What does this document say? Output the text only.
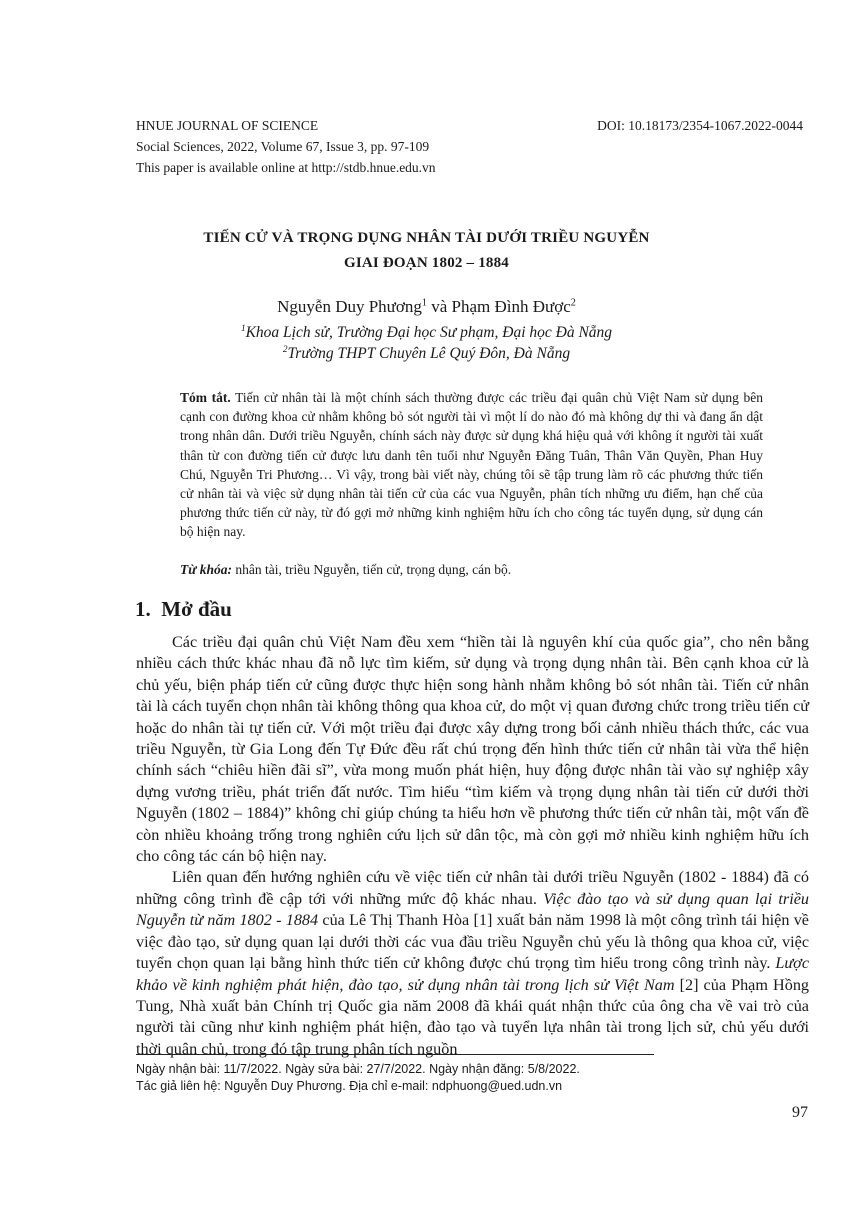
HNUE JOURNAL OF SCIENCE	DOI: 10.18173/2354-1067.2022-0044
Social Sciences, 2022, Volume 67, Issue 3, pp. 97-109
This paper is available online at http://stdb.hnue.edu.vn
TIẾN CỬ VÀ TRỌNG DỤNG NHÂN TÀI DƯỚI TRIỀU NGUYỄN
GIAI ĐOẠN 1802 – 1884
Nguyễn Duy Phương$^1$ và Phạm Đình Được$^2$
$^1$Khoa Lịch sử, Trường Đại học Sư phạm, Đại học Đà Nẵng
$^2$Trường THPT Chuyên Lê Quý Đôn, Đà Nẵng
Tóm tắt. Tiến cử nhân tài là một chính sách thường được các triều đại quân chủ Việt Nam sử dụng bên cạnh con đường khoa cử nhằm không bỏ sót người tài vì một lí do nào đó mà không dự thi và đang ẩn dật trong nhân dân. Dưới triều Nguyễn, chính sách này được sử dụng khá hiệu quả với không ít người tài xuất thân từ con đường tiến cử được lưu danh tên tuổi như Nguyễn Đăng Tuân, Thân Văn Quyền, Phan Huy Chú, Nguyễn Tri Phương… Vì vậy, trong bài viết này, chúng tôi sẽ tập trung làm rõ các phương thức tiến cử nhân tài và việc sử dụng nhân tài tiến cử của các vua Nguyễn, phân tích những ưu điểm, hạn chế của phương thức tiến cử này, từ đó gợi mở những kinh nghiệm hữu ích cho công tác tuyển dụng, sử dụng cán bộ hiện nay.
Từ khóa: nhân tài, triều Nguyễn, tiến cử, trọng dụng, cán bộ.
1. Mở đầu

Các triều đại quân chủ Việt Nam đều xem “hiền tài là nguyên khí của quốc gia”, cho nên bằng nhiều cách thức khác nhau đã nỗ lực tìm kiếm, sử dụng và trọng dụng nhân tài. Bên cạnh khoa cử là chủ yếu, biện pháp tiến cử cũng được thực hiện song hành nhằm không bỏ sót nhân tài. Tiến cử nhân tài là cách tuyển chọn nhân tài không thông qua khoa cử, do một vị quan đương chức trong triều tiến cử hoặc do nhân tài tự tiến cử. Với một triều đại được xây dựng trong bối cảnh nhiều thách thức, các vua triều Nguyễn, từ Gia Long đến Tự Đức đều rất chú trọng đến hình thức tiến cử nhân tài vừa thể hiện chính sách “chiêu hiền đãi sĩ”, vừa mong muốn phát hiện, huy động được nhân tài vào sự nghiệp xây dựng vương triều, phát triển đất nước. Tìm hiểu “tìm kiếm và trọng dụng nhân tài tiến cử dưới thời Nguyễn (1802 – 1884)” không chỉ giúp chúng ta hiểu hơn về phương thức tiến cử nhân tài, một vấn đề còn nhiều khoảng trống trong nghiên cứu lịch sử dân tộc, mà còn gợi mở nhiều kinh nghiệm hữu ích cho công tác cán bộ hiện nay.

Liên quan đến hướng nghiên cứu về việc tiến cử nhân tài dưới triều Nguyễn (1802 - 1884) đã có những công trình đề cập tới với những mức độ khác nhau. Việc đào tạo và sử dụng quan lại triều Nguyễn từ năm 1802 - 1884 của Lê Thị Thanh Hòa [1] xuất bản năm 1998 là một công trình tái hiện về việc đào tạo, sử dụng quan lại dưới thời các vua đầu triều Nguyễn chủ yếu là thông qua khoa cử, việc tuyển chọn quan lại bằng hình thức tiến cử không được chú trọng tìm hiểu trong công trình này. Lược khảo về kinh nghiệm phát hiện, đào tạo, sử dụng nhân tài trong lịch sử Việt Nam [2] của Phạm Hồng Tung, Nhà xuất bản Chính trị Quốc gia năm 2008 đã khái quát nhận thức của ông cha về vai trò của người tài cũng như kinh nghiệm phát hiện, đào tạo và tuyển lựa nhân tài trong lịch sử, chủ yếu dưới thời quân chủ, trong đó tập trung phân tích nguồn

Ngày nhận bài: 11/7/2022. Ngày sửa bài: 27/7/2022. Ngày nhận đăng: 5/8/2022.
Tác giả liên hệ: Nguyễn Duy Phương. Địa chỉ e-mail: ndphuong@ued.udn.vn
97
